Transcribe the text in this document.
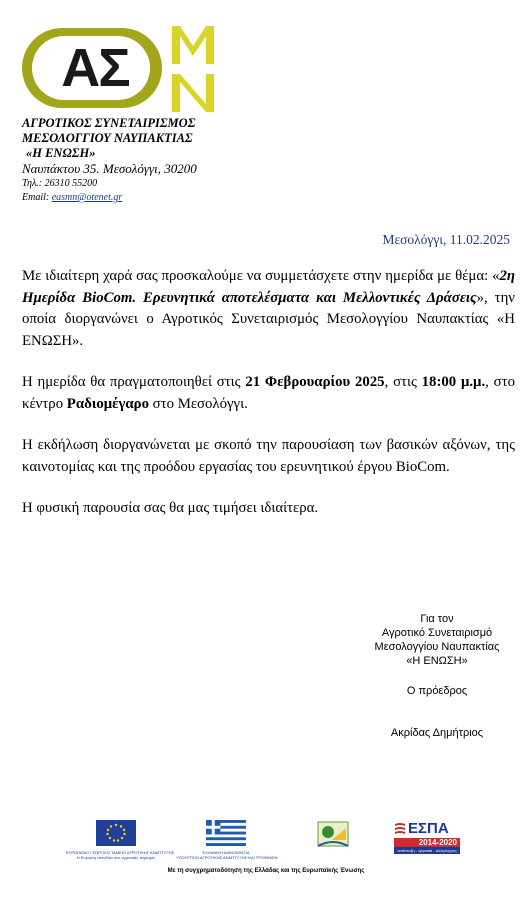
ΑΣ
ΑΓΡΟΤΙΚΟΣ ΣΥΝΕΤΑΙΡΙΣΜΟΣ
ΜΕΣΟΛΟΓΓΙΟΥ ΝΑΥΠΑΚΤΙΑΣ
«Η ΕΝΩΣΗ»
Ναυπάκτου 35. Μεσολόγγι, 30200
Τηλ.: 26310 55200
Email: easmn@otenet.gr
Μεσολόγγι, 11.02.2025

Με ιδιαίτερη χαρά σας προσκαλούμε να συμμετάσχετε στην ημερίδα με θέμα: «2η Ημερίδα BioCom. Ερευνητικά αποτελέσματα και Μελλοντικές Δράσεις», την οποία διοργανώνει ο Αγροτικός Συνεταιρισμός Μεσολογγίου Ναυπακτίας «Η ΕΝΩΣΗ».

Η ημερίδα θα πραγματοποιηθεί στις 21 Φεβρουαρίου 2025, στις 18:00 μ.μ., στο κέντρο Ραδιομέγαρο στο Μεσολόγγι.

Η εκδήλωση διοργανώνεται με σκοπό την παρουσίαση των βασικών αξόνων, της καινοτομίας και της προόδου εργασίας του ερευνητικού έργου BioCom.

Η φυσική παρουσία σας θα μας τιμήσει ιδιαίτερα.

Για τον
Αγροτικό Συνεταιρισμό
Μεσολογγίου Ναυπακτίας
«Η ΕΝΩΣΗ»
Ο πρόεδρος
Ακρίδας Δημήτριος
ΕΥΡΩΠΑΪΚΟ ΓΕΩΡΓΙΚΟ ΤΑΜΕΙΟ ΑΓΡΟΤΙΚΗΣ ΑΝΑΠΤΥΞΗΣ
Η Ευρώπη επενδύει στις αγροτικές περιοχές
ΕΛΛΗΝΙΚΗ ΔΗΜΟΚΡΑΤΙΑ
ΥΠΟΥΡΓΕΙΟ ΑΓΡΟΤΙΚΗΣ ΑΝΑΠΤΥΞΗΣ ΚΑΙ ΤΡΟΦΙΜΩΝ
ΕΣΠΑ
2014-2020
ανάπτυξη - εργασία - αλληλεγγύη
Με τη συγχρηματοδότηση της Ελλάδας και της Ευρωπαϊκής Ένωσης
